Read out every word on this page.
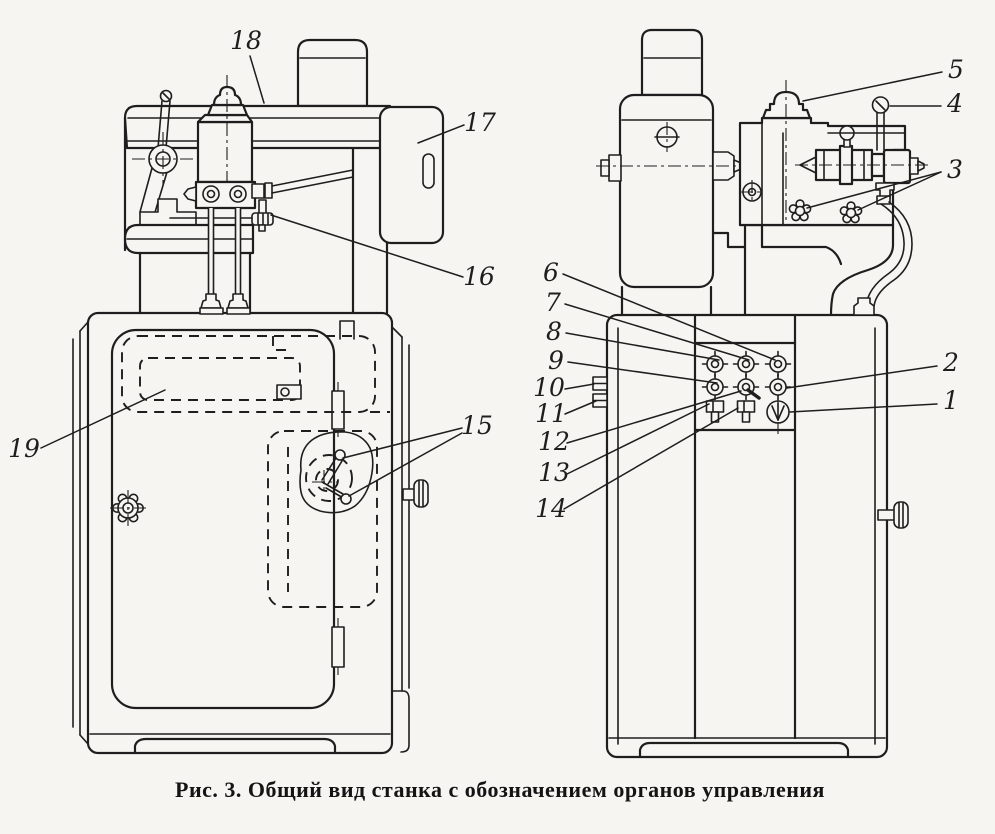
1
2
3
4
5
6
7
8
9
10
11
12
13
14
15
16
17
18
19
Рис. 3. Общий вид станка с обозначением органов управления
